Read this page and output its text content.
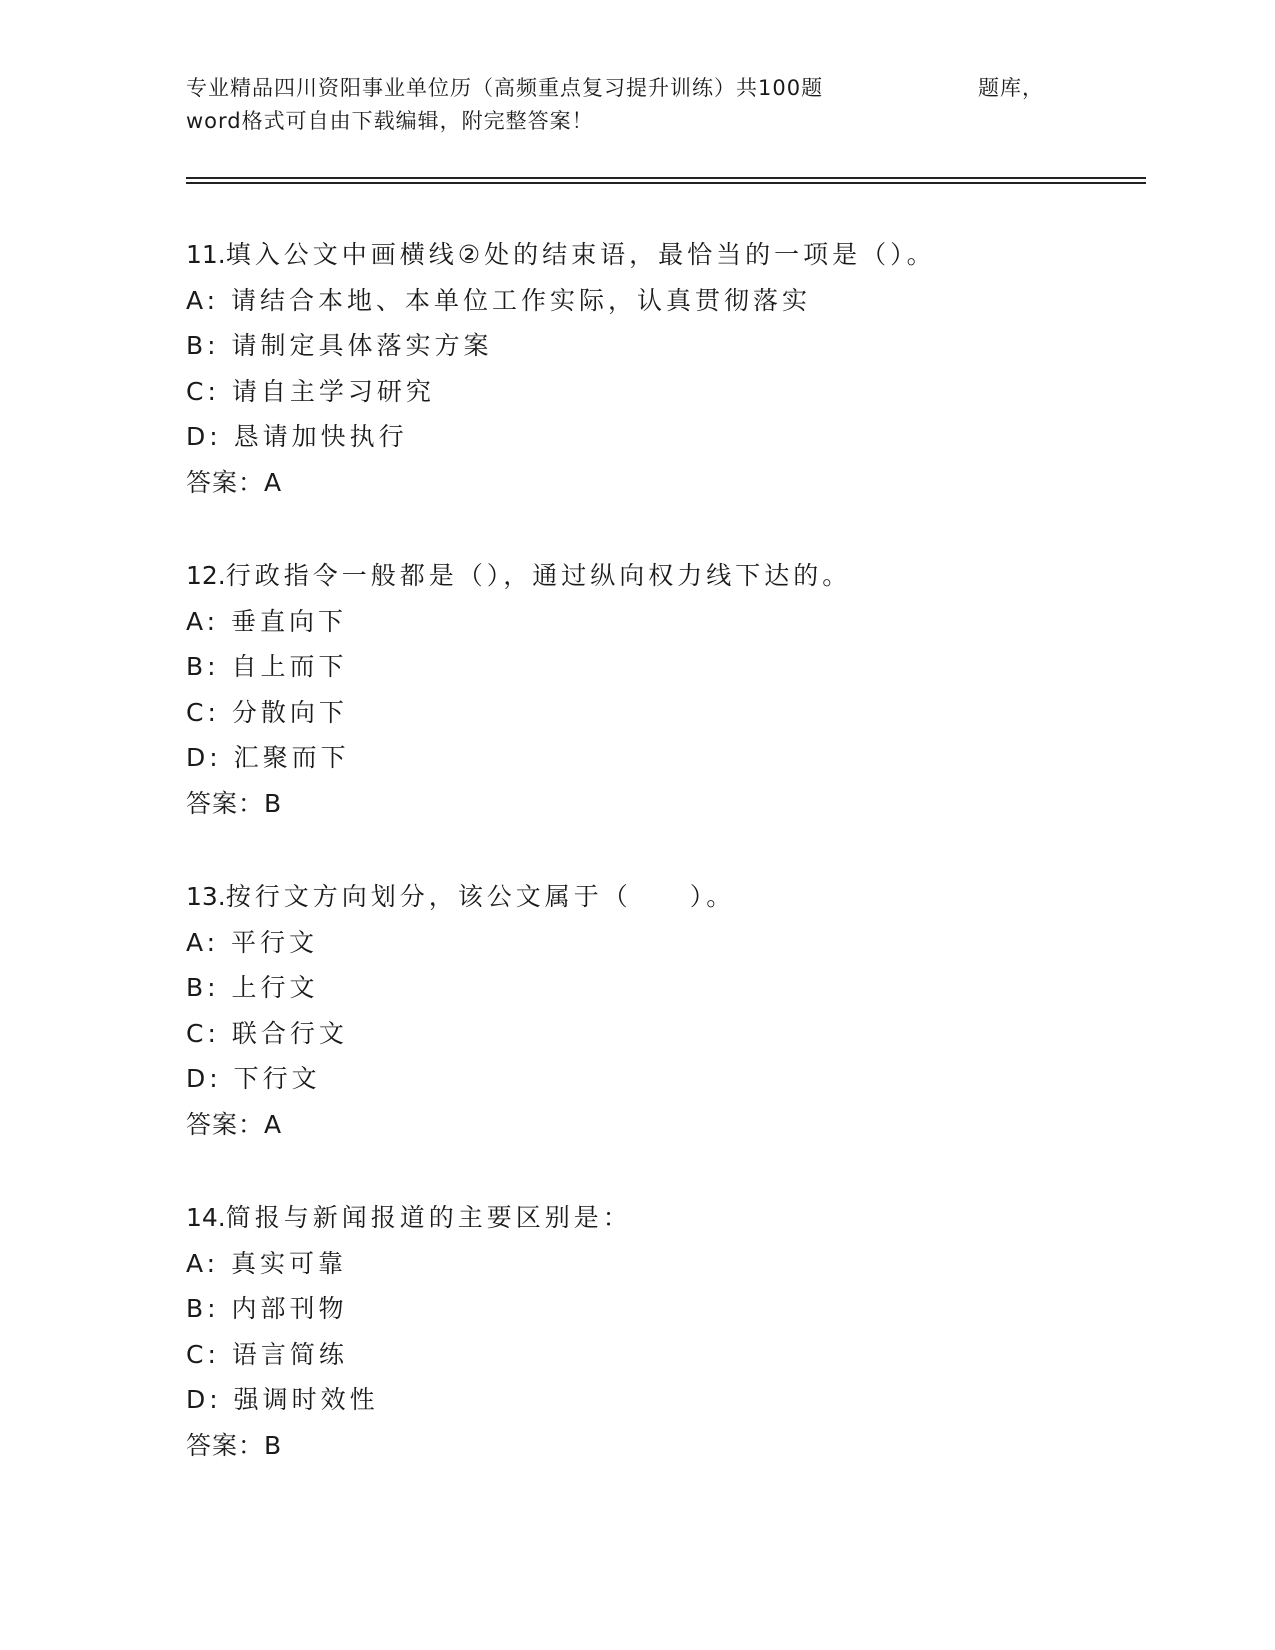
专业精品四川资阳事业单位历（高频重点复习提升训练）共100题	题库，
word格式可自由下载编辑，附完整答案！
11.填入公文中画横线②处的结束语，最恰当的一项是（）。
A: 请结合本地、本单位工作实际，认真贯彻落实
B: 请制定具体落实方案
C: 请自主学习研究
D: 恳请加快执行
答案：A
12.行政指令一般都是（），通过纵向权力线下达的。
A: 垂直向下
B: 自上而下
C: 分散向下
D: 汇聚而下
答案：B
13.按行文方向划分，该公文属于（　　）。
A: 平行文
B: 上行文
C: 联合行文
D: 下行文
答案：A
14.简报与新闻报道的主要区别是：
A: 真实可靠
B: 内部刊物
C: 语言简练
D: 强调时效性
答案：B
